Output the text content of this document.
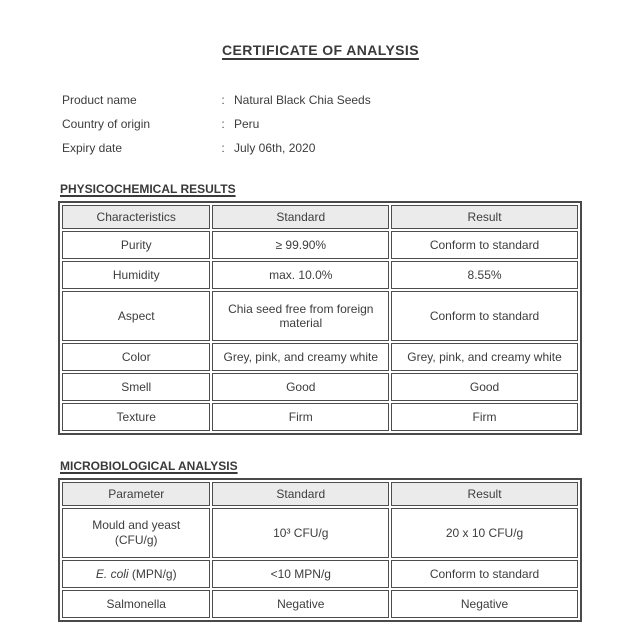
CERTIFICATE OF ANALYSIS
Product name	: Natural Black Chia Seeds
Country of origin	: Peru
Expiry date	: July 06th, 2020
PHYSICOCHEMICAL RESULTS
Characteristics	Standard	Result
Purity	≥ 99.90%	Conform to standard
Humidity	max. 10.0%	8.55%
Aspect	Chia seed free from foreign material	Conform to standard
Color	Grey, pink, and creamy white	Grey, pink, and creamy white
Smell	Good	Good
Texture	Firm	Firm
MICROBIOLOGICAL ANALYSIS
Parameter	Standard	Result

Mould and yeast
(CFU/g)	10³ CFU/g	20 x 10 CFU/g
E. coli (MPN/g)	<10 MPN/g	Conform to standard
Salmonella	Negative	Negative
